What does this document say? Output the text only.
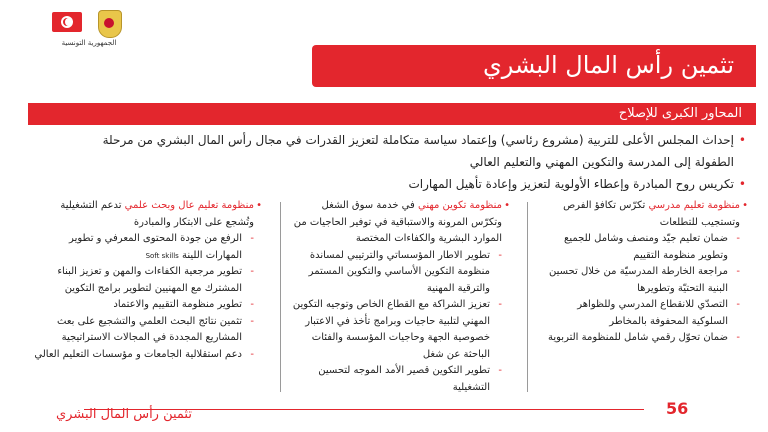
الجمهورية التونسية
تثمين رأس المال البشري
المحاور الكبرى للإصلاح
•
إحداث المجلس الأعلى للتربية (مشروع رئاسي) وإعتماد سياسة متكاملة لتعزيز القدرات في مجال رأس المال البشري من مرحلة
الطفولة إلى المدرسة والتكوين المهني والتعليم العالي
•
تكريس روح المبادرة وإعطاء الأولوية لتعزيز وإعادة تأهيل المهارات
•
منظومة تعليم مدرسي تكرّس تكافؤ الفرص وتستجيب للتطلعات
-
ضمان تعليم جيّد ومنصف وشامل للجميع وتطوير منظومة التقييم
-
مراجعة الخارطة المدرسيّة من خلال تحسين البنية التحتيّة وتطويرها
-
التصدّي للانقطاع المدرسي وللظواهر السلوكية المحفوفة بالمخاطر
-
ضمان تحوّل رقمي شامل للمنظومة التربوية
•
منظومة تكوين مهني في خدمة سوق الشغل وتكرّس المرونة والاستباقية في توفير الحاجيات من الموارد البشرية والكفاءات المختصة
-
تطوير الاطار المؤسساتي والترتيبي لمساندة منظومة التكوين الأساسي والتكوين المستمر والترقية المهنية
-
تعزيز الشراكة مع القطاع الخاص وتوجيه التكوين المهني لتلبية حاجيات وبرامج تأخذ في الاعتبار خصوصية الجهة وحاجيات المؤسسة والفئات الباحثة عن شغل
-
تطوير التكوين قصير الأمد الموجه لتحسين التشغيلية
•
منظومة تعليم عال وبحث علمي تدعم التشغيلية وتُشجع على الابتكار والمبادرة
-
الرفع من جودة المحتوى المعرفي و تطوير المهارات اللينة Soft skills
-
تطوير مرجعية الكفاءات والمهن و تعزيز البناء المشترك مع المهنيين لتطوير برامج التكوين
-
تطوير منظومة التقييم والاعتماد
-
تثمين نتائج البحث العلمي والتشجيع على بعث المشاريع المجددة في المجالات الاستراتيجية
-
دعم استقلالية الجامعات و مؤسسات التعليم العالي
56
تثمين رأس المال البشري
